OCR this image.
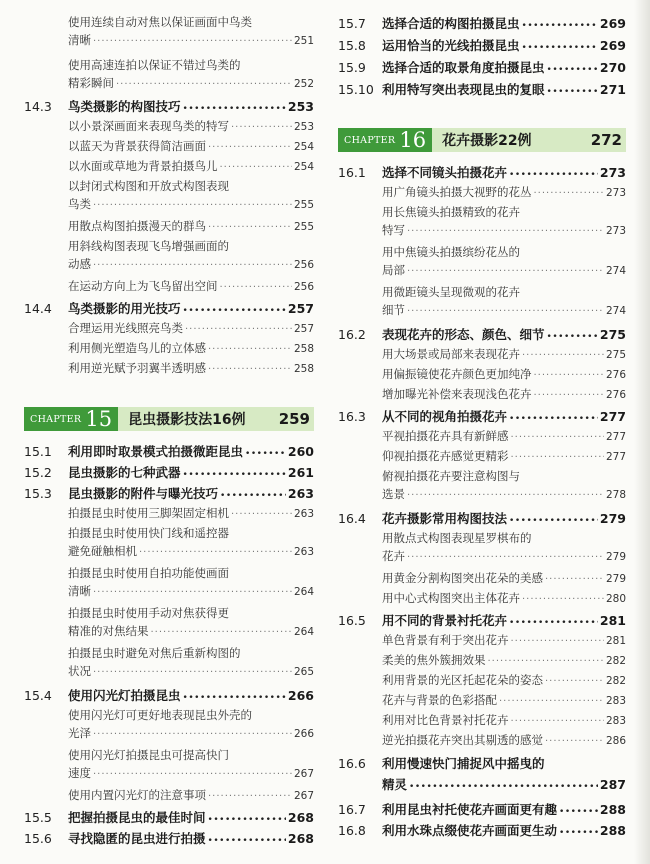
使用连续自动对焦以保证画面中鸟类
清晰 ·····	251
使用高速连拍以保证不错过鸟类的
精彩瞬间 ·····	252
14.3	鸟类摄影的构图技巧 •••••	253
以小景深画面来表现鸟类的特写 ·····	253
以蓝天为背景获得简洁画面 ·····	254
以水面或草地为背景拍摄鸟儿 ·····	254
以封闭式构图和开放式构图表现
鸟类 ·····	255
用散点构图拍摄漫天的群鸟 ·····	255
用斜线构图表现飞鸟增强画面的
动感 ·····	256
在运动方向上为飞鸟留出空间 ·····	256
14.4	鸟类摄影的用光技巧 •••••	257
合理运用光线照亮鸟类 ·····	257
利用侧光塑造鸟儿的立体感 ·····	258
利用逆光赋予羽翼半透明感 ·····	258
CHAPTER 15 昆虫摄影技法16例	259
15.1	利用即时取景模式拍摄微距昆虫 •••••	260
15.2	昆虫摄影的七种武器 •••••	261
15.3	昆虫摄影的附件与曝光技巧 •••••	263
拍摄昆虫时使用三脚架固定相机 ·····	263
拍摄昆虫时使用快门线和遥控器
避免碰触相机 ·····	263
拍摄昆虫时使用自拍功能使画面
清晰 ·····	264
拍摄昆虫时使用手动对焦获得更
精准的对焦结果 ·····	264
拍摄昆虫时避免对焦后重新构图的
状况 ·····	265
15.4	使用闪光灯拍摄昆虫 •••••	266
使用闪光灯可更好地表现昆虫外壳的
光泽 ·····	266
使用闪光灯拍摄昆虫可提高快门
速度 ·····	267
使用内置闪光灯的注意事项 ·····	267
15.5	把握拍摄昆虫的最佳时间 •••••	268
15.6	寻找隐匿的昆虫进行拍摄 •••••	268
15.7	选择合适的构图拍摄昆虫 •••••	269
15.8	运用恰当的光线拍摄昆虫 •••••	269
15.9	选择合适的取景角度拍摄昆虫 •••••	270
15.10 利用特写突出表现昆虫的复眼 •••••	271
CHAPTER 16 花卉摄影22例	272
16.1	选择不同镜头拍摄花卉 •••••	273
用广角镜头拍摄大视野的花丛 ·····	273
用长焦镜头拍摄精致的花卉
特写 ·····	273
用中焦镜头拍摄缤纷花丛的
局部 ·····	274
用微距镜头呈现微观的花卉
细节 ·····	274
16.2	表现花卉的形态、颜色、细节 •••••	275
用大场景或局部来表现花卉 ·····	275
用偏振镜使花卉颜色更加纯净 ·····	276
增加曝光补偿来表现浅色花卉 ·····	276
16.3	从不同的视角拍摄花卉 •••••	277
平视拍摄花卉具有新鲜感 ·····	277
仰视拍摄花卉感觉更精彩 ·····	277
俯视拍摄花卉要注意构图与
选景 ·····	278
16.4	花卉摄影常用构图技法 •••••	279
用散点式构图表现星罗棋布的
花卉 ·····	279
用黄金分割构图突出花朵的美感 ·····	279
用中心式构图突出主体花卉 ·····	280
16.5	用不同的背景衬托花卉 •••••	281
单色背景有利于突出花卉 ·····	281
柔美的焦外簇拥效果 ·····	282
利用背景的光区托起花朵的姿态 ·····	282
花卉与背景的色彩搭配 ·····	283
利用对比色背景衬托花卉 ·····	283
逆光拍摄花卉突出其剔透的感觉 ·····	286
16.6	利用慢速快门捕捉风中摇曳的
精灵 •••••	287
16.7	利用昆虫衬托使花卉画面更有趣 •••••	288
16.8	利用水珠点缀使花卉画面更生动 •••••	288
